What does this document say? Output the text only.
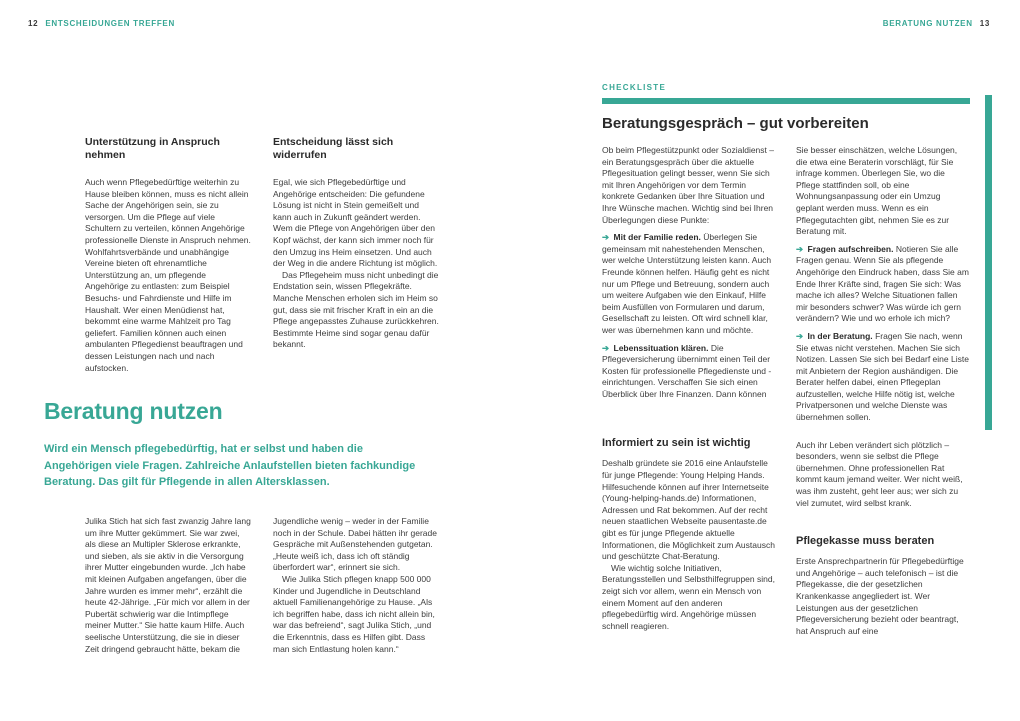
12 ENTSCHEIDUNGEN TREFFEN	BERATUNG NUTZEN 13
Unterstützung in Anspruch nehmen

Auch wenn Pflegebedürftige weiterhin zu Hause bleiben können, muss es nicht allein Sache der Angehörigen sein, sie zu versorgen. Um die Pflege auf viele Schultern zu verteilen, können Angehörige professionelle Dienste in Anspruch nehmen. Wohlfahrtsverbände und unabhängige Vereine bieten oft ehrenamtliche Unterstützung an, um pflegende Angehörige zu entlasten: zum Beispiel Besuchs- und Fahrdienste und Hilfe im Haushalt. Wer einen Menüdienst hat, bekommt eine warme Mahlzeit pro Tag geliefert. Familien können auch einen ambulanten Pflegedienst beauftragen und dessen Leistungen nach und nach aufstocken.

Entscheidung lässt sich widerrufen

Egal, wie sich Pflegebedürftige und Angehörige entscheiden: Die gefundene Lösung ist nicht in Stein gemeißelt und kann auch in Zukunft geändert werden. Wem die Pflege von Angehörigen über den Kopf wächst, der kann sich immer noch für den Umzug ins Heim einsetzen. Und auch der Weg in die andere Richtung ist möglich.

Das Pflegeheim muss nicht unbedingt die Endstation sein, wissen Pflegekräfte. Manche Menschen erholen sich im Heim so gut, dass sie mit frischer Kraft in ein an die Pflege angepasstes Zuhause zurückkehren. Bestimmte Heime sind sogar genau dafür bekannt.

Beratung nutzen

Wird ein Mensch pflegebedürftig, hat er selbst und haben die Angehörigen viele Fragen. Zahlreiche Anlaufstellen bieten fachkundige Beratung. Das gilt für Pflegende in allen Altersklassen.

Julika Stich hat sich fast zwanzig Jahre lang um ihre Mutter gekümmert. Sie war zwei, als diese an Multipler Sklerose erkrankte, und sieben, als sie aktiv in die Versorgung ihrer Mutter eingebunden wurde. „Ich habe mit kleinen Aufgaben angefangen, über die Jahre wurden es immer mehr“, erzählt die heute 42-Jährige. „Für mich vor allem in der Pubertät schwierig war die Intimpflege meiner Mutter.“ Sie hatte kaum Hilfe. Auch seelische Unterstützung, die sie in dieser Zeit dringend gebraucht hätte, bekam die

Jugendliche wenig – weder in der Familie noch in der Schule. Dabei hätten ihr gerade Gespräche mit Außenstehenden gutgetan. „Heute weiß ich, dass ich oft ständig überfordert war“, erinnert sie sich.

Wie Julika Stich pflegen knapp 500 000 Kinder und Jugendliche in Deutschland aktuell Familienangehörige zu Hause. „Als ich begriffen habe, dass ich nicht allein bin, war das befreiend“, sagt Julika Stich, „und die Erkenntnis, dass es Hilfen gibt. Dass man sich Entlastung holen kann.“

CHECKLISTE
Beratungsgespräch – gut vorbereiten

Ob beim Pflegestützpunkt oder Sozialdienst – ein Beratungsgespräch über die aktuelle Pflegesituation gelingt besser, wenn Sie sich mit Ihren Angehörigen vor dem Termin konkrete Gedanken über Ihre Situation und Ihre Wünsche machen. Wichtig sind bei Ihren Überlegungen diese Punkte:

➔ Mit der Familie reden. Überlegen Sie gemeinsam mit nahestehenden Menschen, wer welche Unterstützung leisten kann. Auch Freunde können helfen. Häufig geht es nicht nur um Pflege und Betreuung, sondern auch um weitere Aufgaben wie den Einkauf, Hilfe beim Ausfüllen von Formularen und darum, Gesellschaft zu leisten. Oft wird schnell klar, wer was übernehmen kann und möchte.

➔ Lebenssituation klären. Die Pflegeversicherung übernimmt einen Teil der Kosten für professionelle Pflegedienste und -einrichtungen. Verschaffen Sie sich einen Überblick über Ihre Finanzen. Dann können

Informiert zu sein ist wichtig

Deshalb gründete sie 2016 eine Anlaufstelle für junge Pflegende: Young Helping Hands. Hilfesuchende können auf ihrer Internetseite (Young-helping-hands.de) Informationen, Adressen und Rat bekommen. Auf der recht neuen staatlichen Webseite pausentaste.de gibt es für junge Pflegende aktuelle Informationen, die Möglichkeit zum Austausch und geschützte Chat-Beratung.

Wie wichtig solche Initiativen, Beratungsstellen und Selbsthilfegruppen sind, zeigt sich vor allem, wenn ein Mensch von einem Moment auf den anderen pflegebedürftig wird. Angehörige müssen schnell reagieren.

Sie besser einschätzen, welche Lösungen, die etwa eine Beraterin vorschlägt, für Sie infrage kommen. Überlegen Sie, wo die Pflege stattfinden soll, ob eine Wohnungsanpassung oder ein Umzug geplant werden muss. Wenn es ein Pflegegutachten gibt, nehmen Sie es zur Beratung mit.

➔ Fragen aufschreiben. Notieren Sie alle Fragen genau. Wenn Sie als pflegende Angehörige den Eindruck haben, dass Sie am Ende Ihrer Kräfte sind, fragen Sie sich: Was mache ich alles? Welche Situationen fallen mir besonders schwer? Was würde ich gern verändern? Wie und wo erhole ich mich?

➔ In der Beratung. Fragen Sie nach, wenn Sie etwas nicht verstehen. Machen Sie sich Notizen. Lassen Sie sich bei Bedarf eine Liste mit Anbietern der Region aushändigen. Die Berater helfen dabei, einen Pflegeplan aufzustellen, welche Hilfe nötig ist, welche Privatpersonen und welche Dienste was übernehmen sollen.

Auch ihr Leben verändert sich plötzlich – besonders, wenn sie selbst die Pflege übernehmen. Ohne professionellen Rat kommt kaum jemand weiter. Wer nicht weiß, was ihm zusteht, geht leer aus; wer sich zu viel zumutet, wird selbst krank.

Pflegekasse muss beraten

Erste Ansprechpartnerin für Pflegebedürftige und Angehörige – auch telefonisch – ist die Pflegekasse, die der gesetzlichen Krankenkasse angegliedert ist. Wer Leistungen aus der gesetzlichen Pflegeversicherung bezieht oder beantragt, hat Anspruch auf eine
